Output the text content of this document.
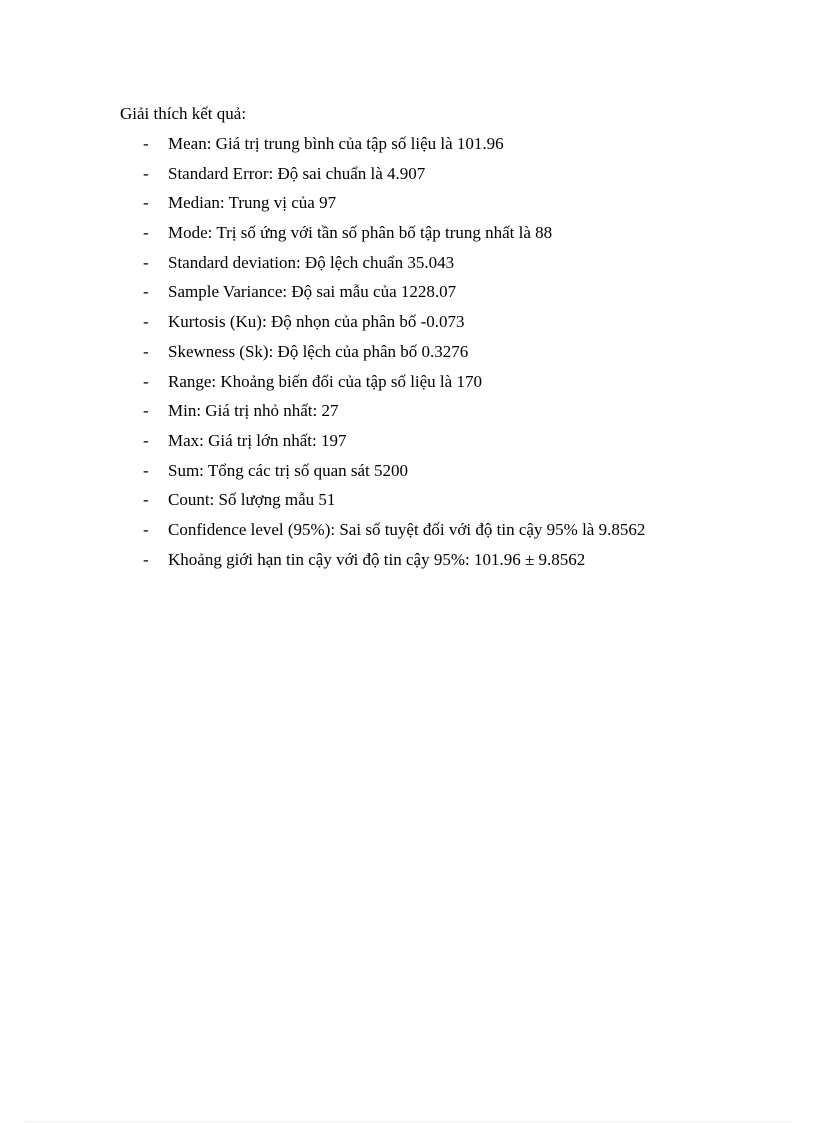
Giải thích kết quả:
- Mean: Giá trị trung bình của tập số liệu là 101.96
- Standard Error: Độ sai chuẩn là 4.907
- Median: Trung vị của 97
- Mode: Trị số ứng với tần số phân bố tập trung nhất là 88
- Standard deviation: Độ lệch chuẩn 35.043
- Sample Variance: Độ sai mẫu của 1228.07
- Kurtosis (Ku): Độ nhọn của phân bố -0.073
- Skewness (Sk): Độ lệch của phân bố 0.3276
- Range: Khoảng biến đổi của tập số liệu là 170
- Min: Giá trị nhỏ nhất: 27
- Max: Giá trị lớn nhất: 197
- Sum: Tổng các trị số quan sát 5200
- Count: Số lượng mẫu 51
- Confidence level (95%): Sai số tuyệt đối với độ tin cậy 95% là 9.8562
- Khoảng giới hạn tin cậy với độ tin cậy 95%: 101.96 ± 9.8562
